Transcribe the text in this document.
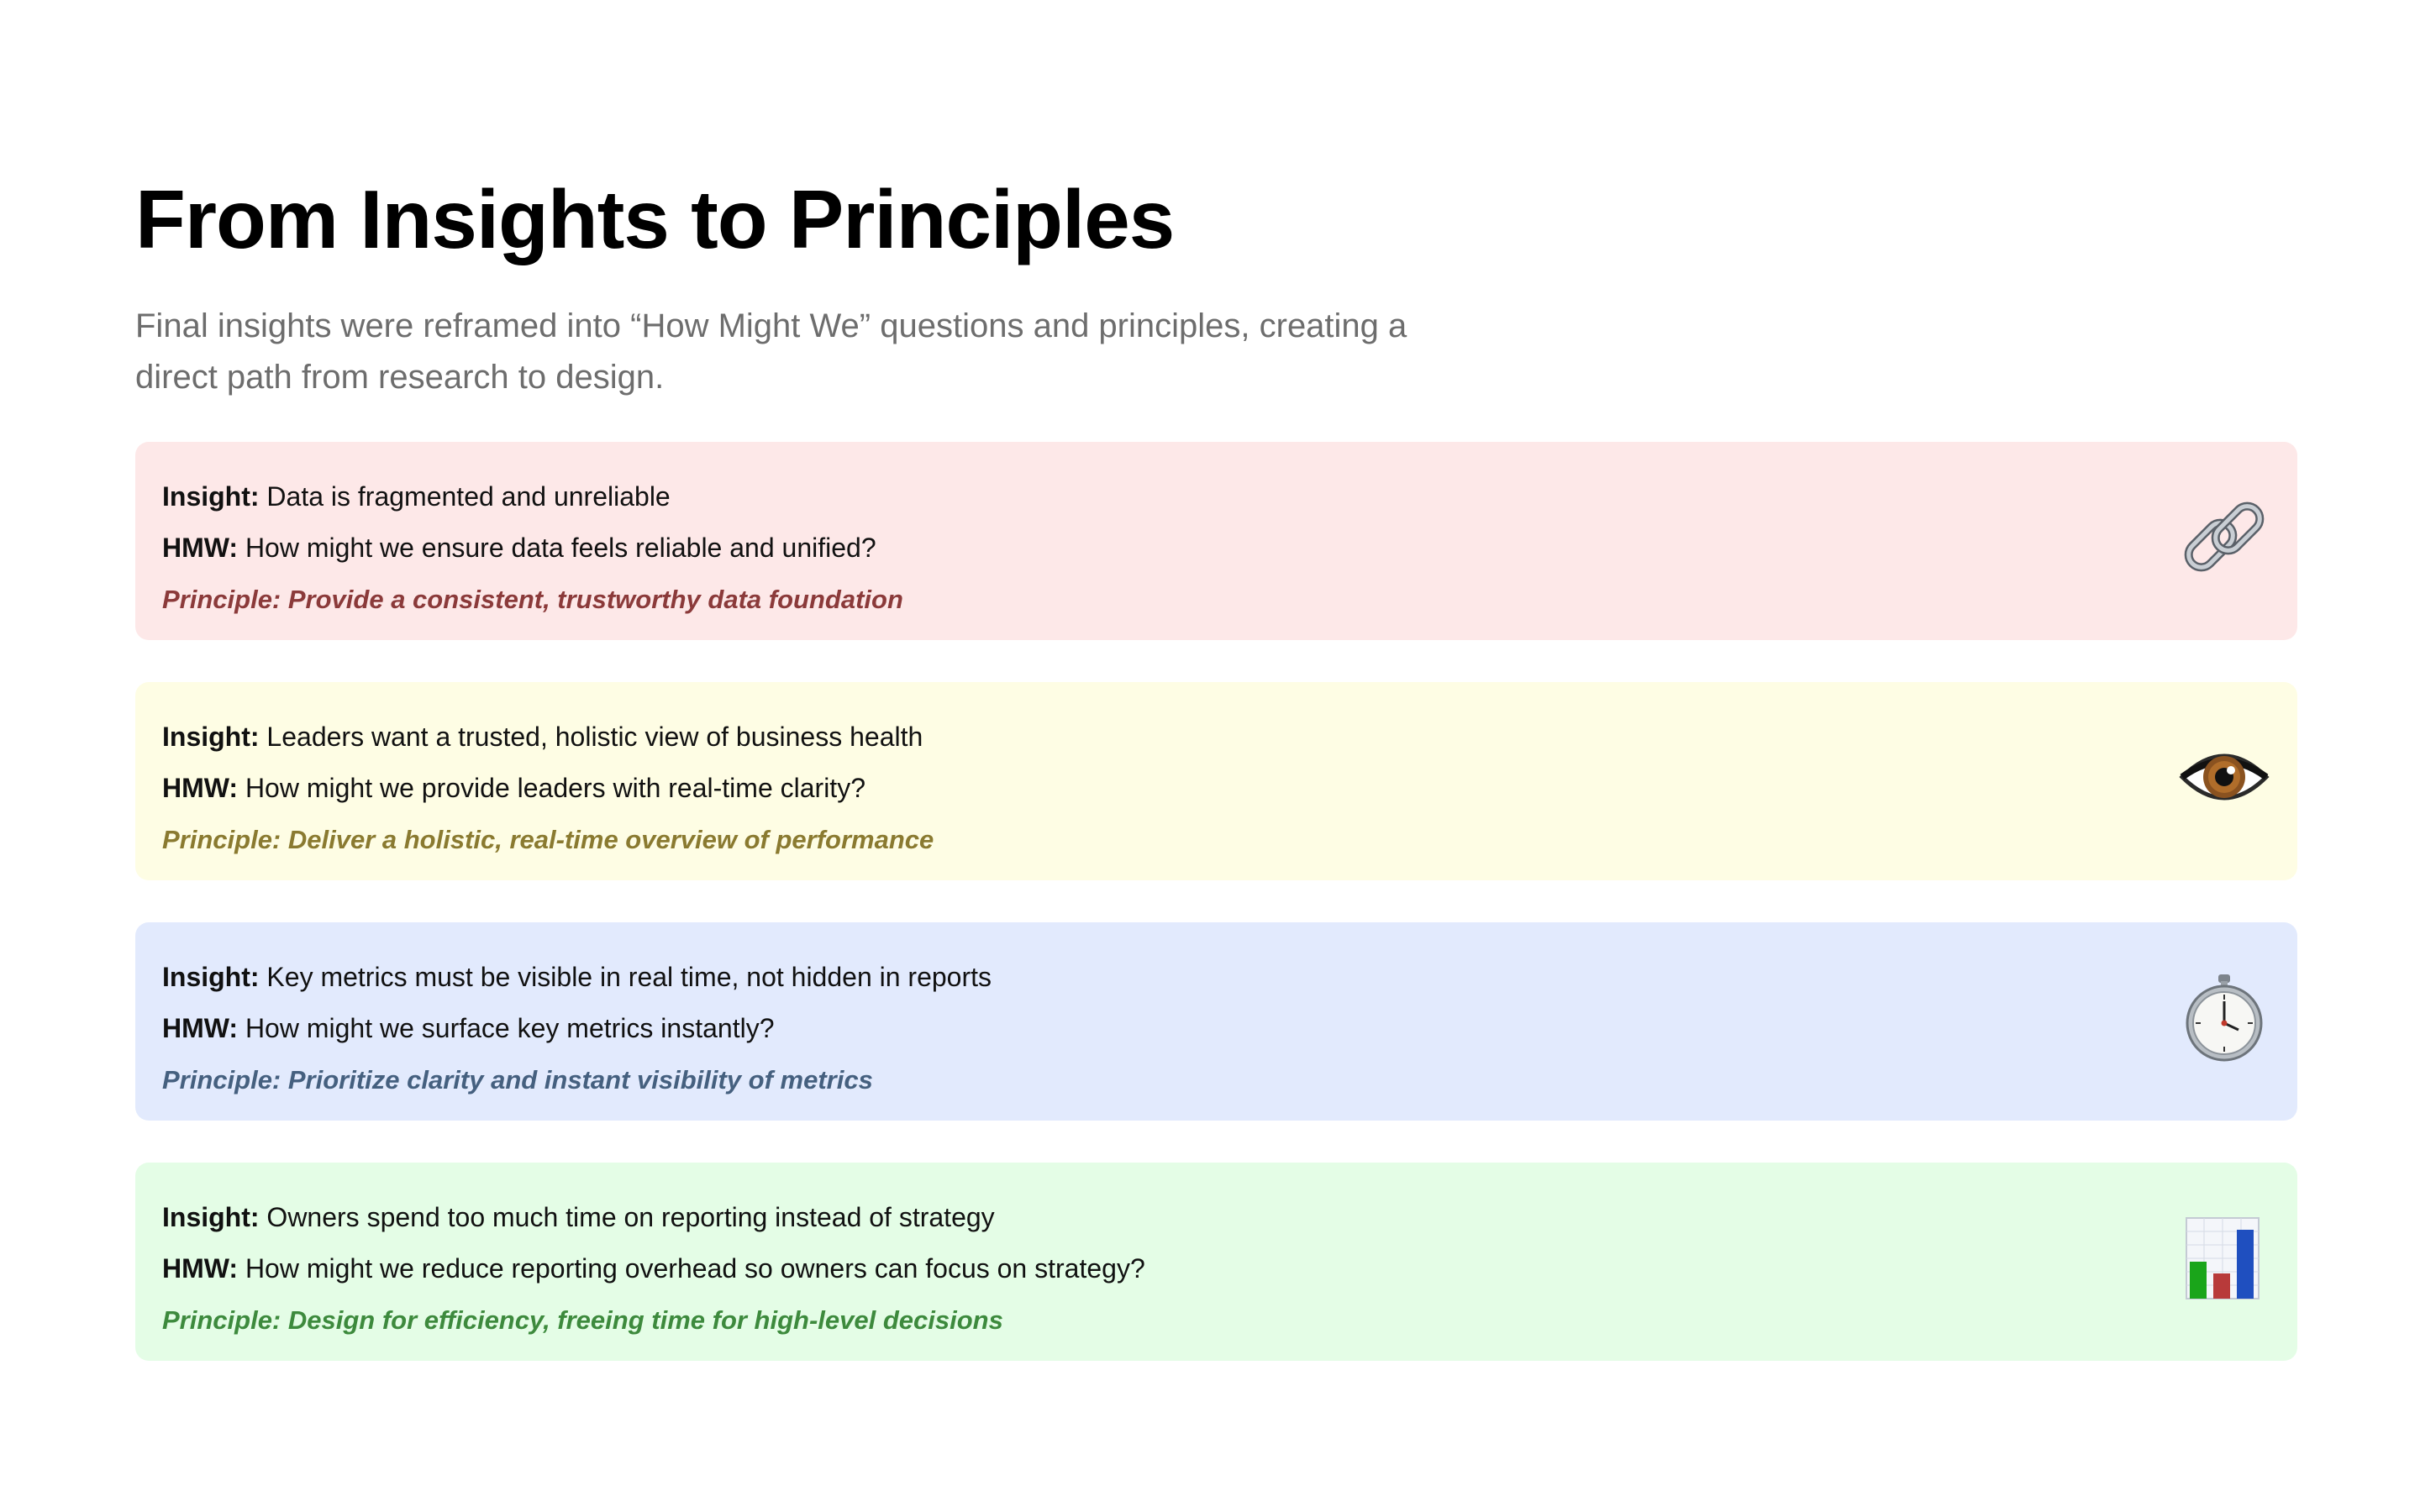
From Insights to Principles

Final insights were reframed into “How Might We” questions and principles, creating a direct path from research to design.

Insight: Data is fragmented and unreliable
HMW: How might we ensure data feels reliable and unified?
Principle: Provide a consistent, trustworthy data foundation
Insight: Leaders want a trusted, holistic view of business health
HMW: How might we provide leaders with real-time clarity?
Principle: Deliver a holistic, real-time overview of performance
Insight: Key metrics must be visible in real time, not hidden in reports
HMW: How might we surface key metrics instantly?
Principle: Prioritize clarity and instant visibility of metrics
Insight: Owners spend too much time on reporting instead of strategy
HMW: How might we reduce reporting overhead so owners can focus on strategy?
Principle: Design for efficiency, freeing time for high-level decisions
